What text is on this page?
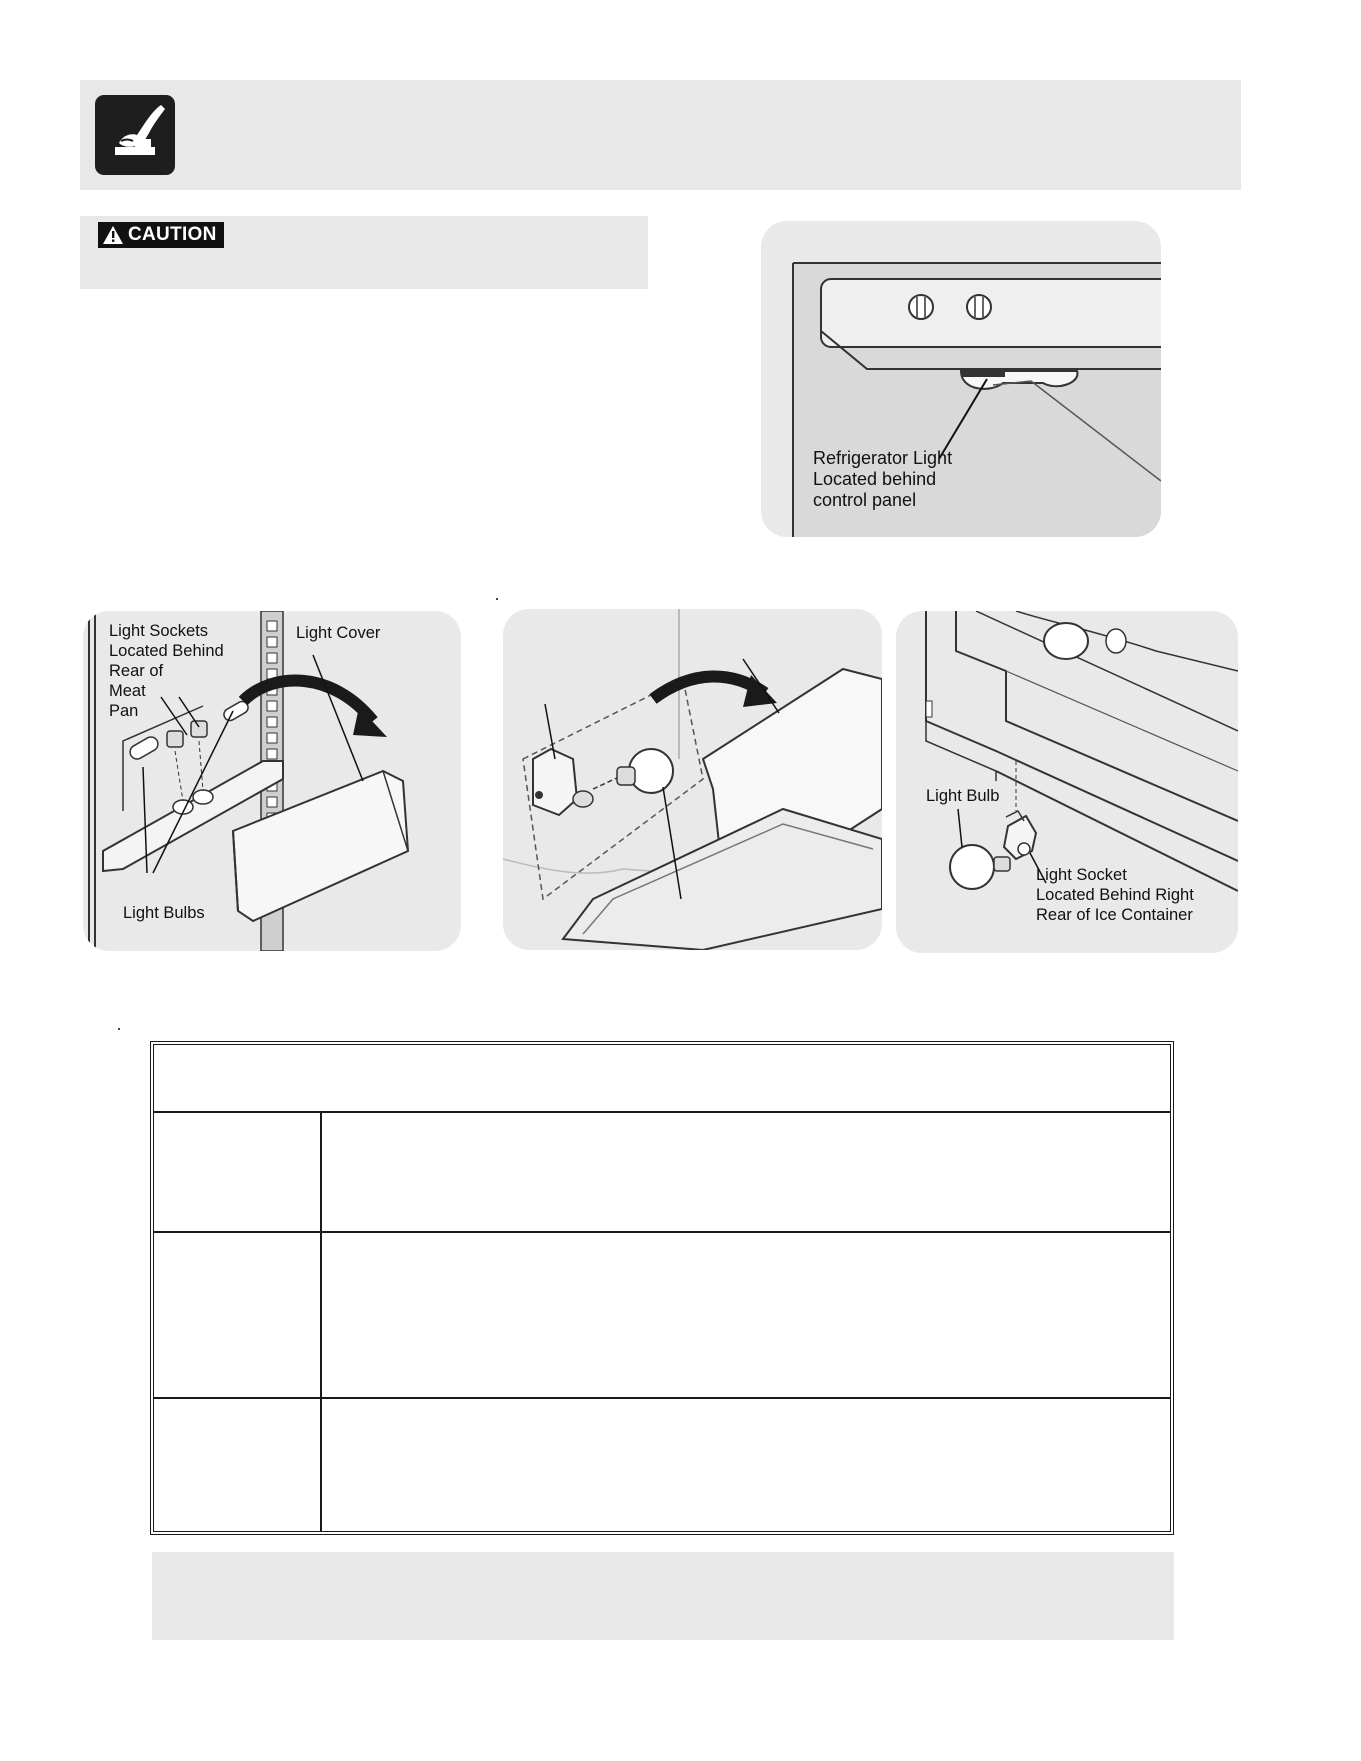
CAUTION
Refrigerator Light
Located behind
control panel
Light Sockets
Located Behind
Rear of
Meat
Pan
Light Cover
Light Bulbs
Light Bulb
Light Socket
Located Behind Right
Rear of Ice Container
